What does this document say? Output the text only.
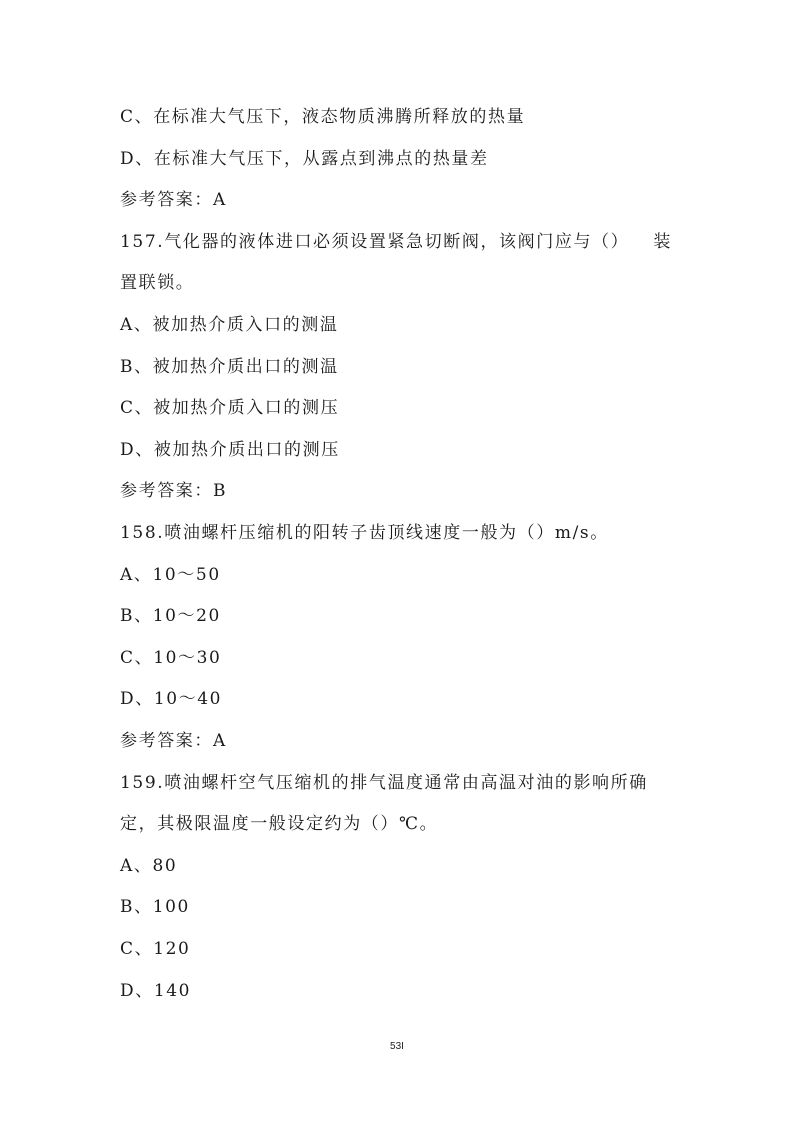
C、在标准大气压下，液态物质沸腾所释放的热量
D、在标准大气压下，从露点到沸点的热量差
参考答案：A
157.气化器的液体进口必须设置紧急切断阀，该阀门应与（） 装
置联锁。
A、被加热介质入口的测温
B、被加热介质出口的测温
C、被加热介质入口的测压
D、被加热介质出口的测压
参考答案：B
158.喷油螺杆压缩机的阳转子齿顶线速度一般为（）m/s。
A、10～50
B、10～20
C、10～30
D、10～40
参考答案：A
159.喷油螺杆空气压缩机的排气温度通常由高温对油的影响所确
定，其极限温度一般设定约为（）℃。
A、80
B、100
C、120
D、140
53I
